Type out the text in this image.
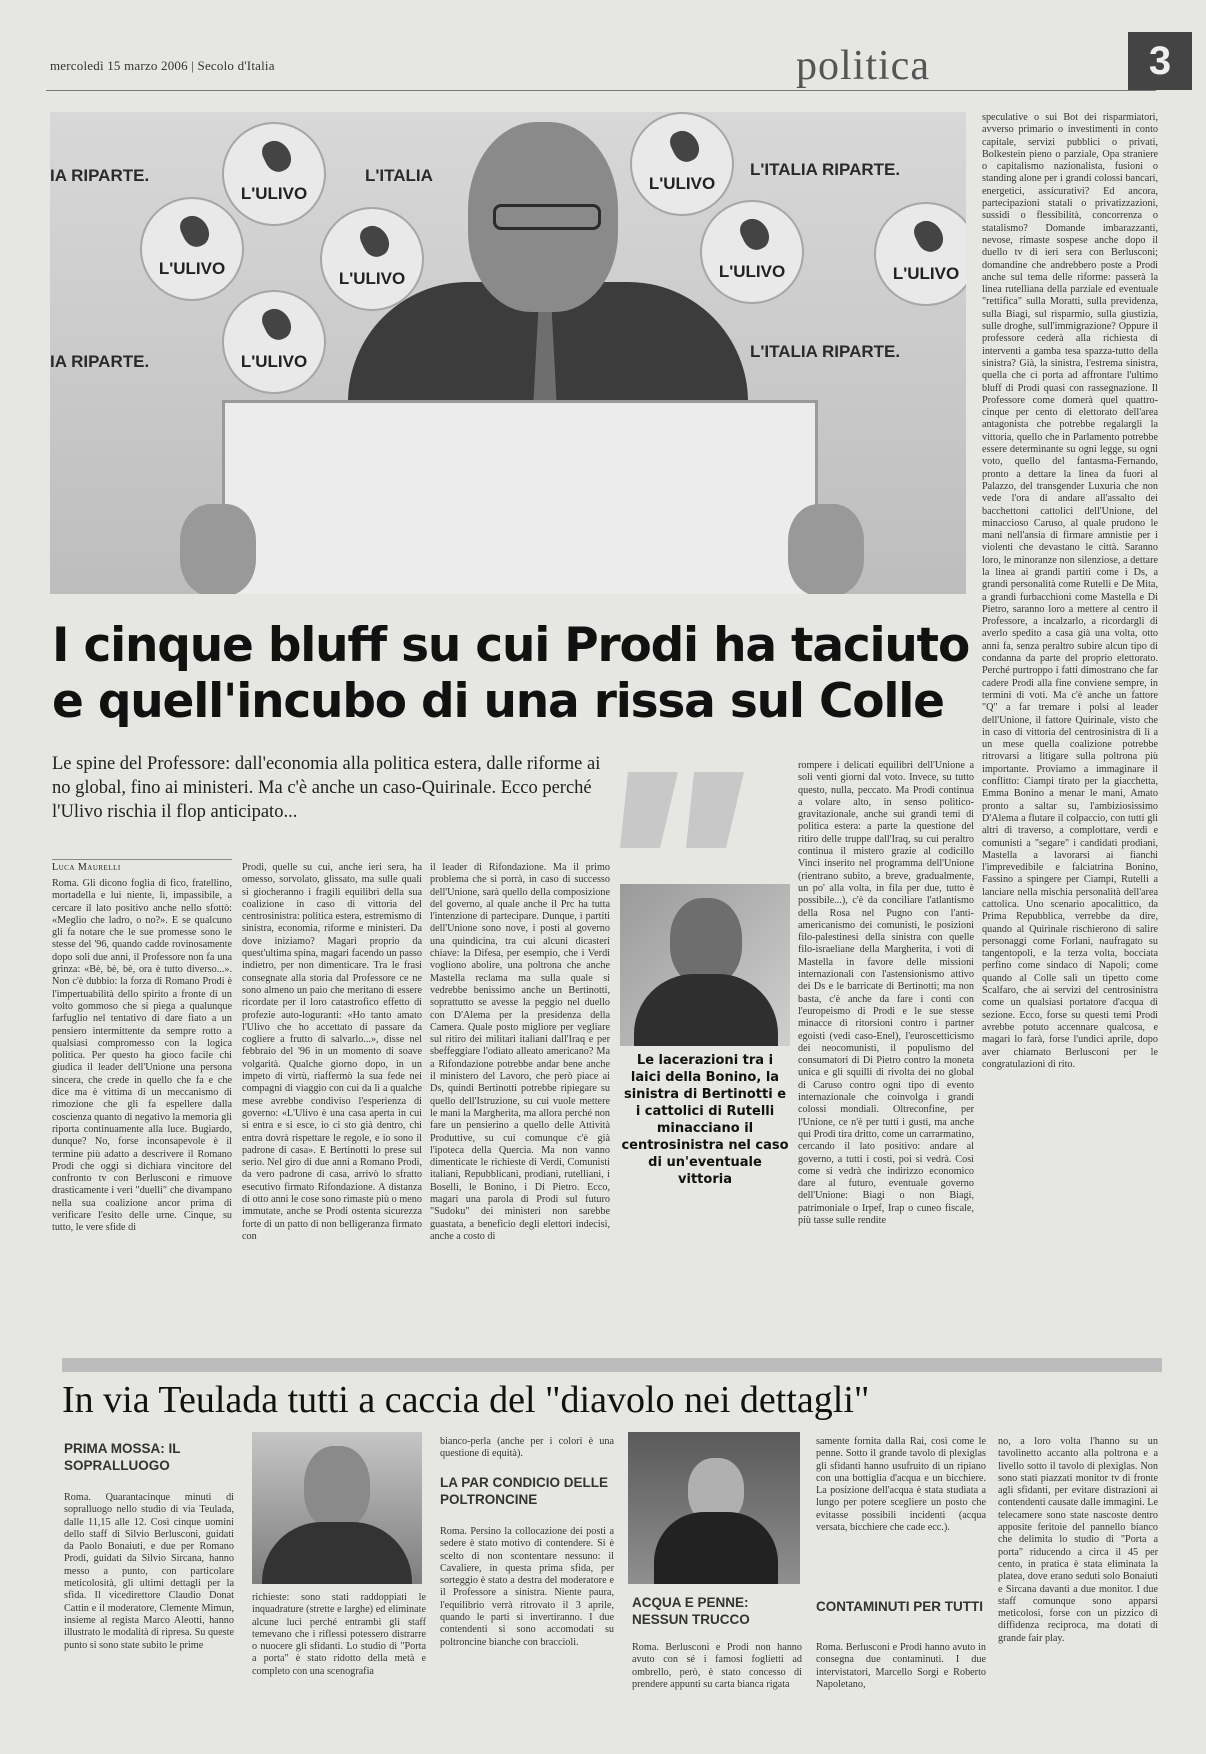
mercoledì 15 marzo 2006 | Secolo d'Italia	politica	3
IA RIPARTE.
L'ULIVO
L'ITALIA	L'ULIVO
L'ITALIA RIPARTE.
L'ULIVO
L'ULIVO	L'ULIVO	L'ULIVO
IA RIPARTE.	L'ULIVO
L'ITALIA RIPARTE.
speculative o sui Bot dei risparmiatori, avverso primario o investimenti in conto capitale, servizi pubblici o privati, Bolkestein pieno o parziale, Opa straniere o capitalismo nazionalista, fusioni o standing alone per i grandi colossi bancari, energetici, assicurativi? Ed ancora, partecipazioni statali o privatizzazioni, sussidi o flessibilità, concorrenza o statalismo? Domande imbarazzanti, nevose, rimaste sospese anche dopo il duello tv di ieri sera con Berlusconi; domandine che andrebbero poste a Prodi anche sul tema delle riforme: passerà la linea rutelliana della parziale ed eventuale "rettifica" sulla Moratti, sulla previdenza, sulla Biagi, sul risparmio, sulla giustizia, sulle droghe, sull'immigrazione? Oppure il professore cederà alla richiesta di interventi a gamba tesa spazza-tutto della sinistra? Già, la sinistra, l'estrema sinistra, quella che ci porta ad affrontare l'ultimo bluff di Prodi quasi con rassegnazione. Il Professore come domerà quel quattro-cinque per cento di elettorato dell'area antagonista che potrebbe regalargli la vittoria, quello che in Parlamento potrebbe essere determinante su ogni legge, su ogni voto, quello del fantasma-Fernando, pronto a dettare la linea da fuori al Palazzo, del transgender Luxuria che non vede l'ora di andare all'assalto dei bacchettoni cattolici dell'Unione, del minaccioso Caruso, al quale prudono le mani nell'ansia di firmare amnistie per i violenti che devastano le città. Saranno loro, le minoranze non silenziose, a dettare la linea ai grandi partiti come i Ds, a grandi personalità come Rutelli e De Mita, a grandi furbacchioni come Mastella e Di Pietro, saranno loro a mettere al centro il Professore, a incalzarlo, a ricordargli di averlo spedito a casa già una volta, otto anni fa, senza peraltro subire alcun tipo di condanna da parte del proprio elettorato. Perché purtroppo i fatti dimostrano che far cadere Prodi alla fine conviene sempre, in termini di voti. Ma c'è anche un fattore "Q" a far tremare i polsi al leader dell'Unione, il fattore Quirinale, visto che in caso di vittoria del centrosinistra di lì a un mese quella coalizione potrebbe ritrovarsi a litigare sulla poltrona più importante. Proviamo a immaginare il conflitto: Ciampi tirato per la giacchetta, Emma Bonino a menar le mani, Amato pronto a saltar su, l'ambiziosissimo D'Alema a flutare il colpaccio, con tutti gli altri di traverso, a complottare, verdi e comunisti a "segare" i candidati prodiani, Mastella a lavorarsi ai fianchi l'imprevedibile e falciatrina Bonino, Fassino a spingere per Ciampi, Rutelli a lanciare nella mischia personalità dell'area cattolica. Uno scenario apocalittico, da Prima Repubblica, verrebbe da dire, quando al Quirinale rischierono di salire personaggi come Forlani, naufragato su tangentopoli, e la terza volta, bocciata perfino come sindaco di Napoli; come quando al Colle salì un tipetto come Scalfaro, che ai servizi del centrosinistra come un qualsiasi portatore d'acqua di sezione. Ecco, forse su questi temi Prodi avrebbe potuto accennare qualcosa, e magari lo farà, forse l'undici aprile, dopo aver chiamato Berlusconi per le congratulazioni di rito.
I cinque bluff su cui Prodi ha taciuto
e quell'incubo di una rissa sul Colle
Le spine del Professore: dall'economia alla politica estera, dalle riforme ai no global, fino ai ministeri. Ma c'è anche un caso-Quirinale. Ecco perché l'Ulivo rischia il flop anticipato...
Luca Maurelli
Roma. Gli dicono foglia di fico, fratellino, mortadella e lui niente, lì, impassibile, a cercare il lato positivo anche nello sfottò: «Meglio che ladro, o no?». E se qualcuno gli fa notare che le sue promesse sono le stesse del '96, quando cadde rovinosamente dopo soli due anni, il Professore non fa una grinza: «Bè, bè, bè, ora è tutto diverso...». Non c'è dubbio: la forza di Romano Prodi è l'impertuabilità dello spirito a fronte di un volto gommoso che si piega a qualunque farfuglio nel tentativo di dare fiato a un pensiero intermittente da sempre rotto a qualsiasi compromesso con la logica politica. Per questo ha gioco facile chi giudica il leader dell'Unione una persona sincera, che crede in quello che fa e che dice ma è vittima di un meccanismo di rimozione che gli fa espellere dalla coscienza quanto di negativo la memoria gli riporta continuamente alla luce. Bugiardo, dunque? No, forse inconsapevole è il termine più adatto a descrivere il Romano Prodi che oggi si dichiara vincitore del confronto tv con Berlusconi e rimuove drasticamente i veri "duelli" che divampano nella sua coalizione ancor prima di verificare l'esito delle urne. Cinque, su tutto, le vere sfide di
Prodi, quelle su cui, anche ieri sera, ha omesso, sorvolato, glissato, ma sulle quali si giocheranno i fragili equilibri della sua coalizione in caso di vittoria del centrosinistra: politica estera, estremismo di sinistra, economia, riforme e ministeri. Da dove iniziamo? Magari proprio da quest'ultima spina, magari facendo un passo indietro, per non dimenticare. Tra le frasi consegnate alla storia dal Professore ce ne sono almeno un paio che meritano di essere ricordate per il loro catastrofico effetto di profezie auto-loguranti: «Ho tanto amato l'Ulivo che ho accettato di passare da cogliere a frutto di salvarlo...», disse nel febbraio del '96 in un momento di soave volgarità. Qualche giorno dopo, in un impeto di virtù, riaffermò la sua fede nei compagni di viaggio con cui da lì a qualche mese avrebbe condiviso l'esperienza di governo: «L'Ulivo è una casa aperta in cui si entra e si esce, io ci sto già dentro, chi entra dovrà rispettare le regole, e io sono il padrone di casa». E Bertinotti lo prese sul serio. Nel giro di due anni a Romano Prodi, da vero padrone di casa, arrivò lo sfratto esecutivo firmato Rifondazione. A distanza di otto anni le cose sono rimaste più o meno immutate, anche se Prodi ostenta sicurezza forte di un patto di non belligeranza firmato con
il leader di Rifondazione. Ma il primo problema che si porrà, in caso di successo dell'Unione, sarà quello della composizione del governo, al quale anche il Prc ha tutta l'intenzione di partecipare. Dunque, i partiti dell'Unione sono nove, i posti al governo una quindicina, tra cui alcuni dicasteri chiave: la Difesa, per esempio, che i Verdi vogliono abolire, una poltrona che anche Mastella reclama ma sulla quale si vedrebbe benissimo anche un Bertinotti, soprattutto se avesse la peggio nel duello con D'Alema per la presidenza della Camera. Quale posto migliore per vegliare sul ritiro dei militari italiani dall'Iraq e per sbeffeggiare l'odiato alleato americano? Ma a Rifondazione potrebbe andar bene anche il ministero del Lavoro, che però piace ai Ds, quindi Bertinotti potrebbe ripiegare su quello dell'Istruzione, su cui vuole mettere le mani la Margherita, ma allora perché non fare un pensierino a quello delle Attività Produttive, su cui comunque c'è già l'ipoteca della Quercia. Ma non vanno dimenticate le richieste di Verdi, Comunisti italiani, Repubblicani, prodiani, rutelliani, i Boselli, le Bonino, i Di Pietro. Ecco, magari una parola di Prodi sul futuro "Sudoku" dei ministeri non sarebbe guastata, a beneficio degli elettori indecisi, anche a costo di
rompere i delicati equilibri dell'Unione a soli venti giorni dal voto. Invece, su tutto questo, nulla, peccato. Ma Prodi continua a volare alto, in senso politico-gravitazionale, anche sui grandi temi di politica estera: a parte la questione del ritiro delle truppe dall'Iraq, su cui peraltro continua il mistero grazie al codicillo Vinci inserito nel programma dell'Unione (rientrano subito, a breve, gradualmente, un po' alla volta, in fila per due, tutto è possibile...), c'è da conciliare l'atlantismo della Rosa nel Pugno con l'anti-americanismo dei comunisti, le posizioni filo-palestinesi della sinistra con quelle filo-israeliane della Margherita, i voti di Mastella in favore delle missioni internazionali con l'astensionismo attivo dei Ds e le barricate di Bertinotti; ma non basta, c'è anche da fare i conti con l'europeismo di Prodi e le sue stesse minacce di ritorsioni contro i partner egoisti (vedi caso-Enel), l'euroscetticismo dei neocomunisti, il populismo del consumatori di Di Pietro contro la moneta unica e gli squilli di rivolta dei no global di Caruso contro ogni tipo di evento internazionale che coinvolga i grandi colossi mondiali. Oltreconfine, per l'Unione, ce n'è per tutti i gusti, ma anche qui Prodi tira dritto, come un carrarmatino, cercando il lato positivo: andare al governo, a tutti i costi, poi si vedrà. Così come si vedrà che indirizzo economico dare al futuro, eventuale governo dell'Unione: Biagi o non Biagi, patrimoniale o Irpef, Irap o cuneo fiscale, più tasse sulle rendite
Le lacerazioni tra i laici della Bonino, la sinistra di Bertinotti e i cattolici di Rutelli minacciano il centrosinistra nel caso di un'eventuale vittoria
In via Teulada tutti a caccia del "diavolo nei dettagli"
PRIMA MOSSA: IL SOPRALLUOGO
Roma. Quarantacinque minuti di sopralluogo nello studio di via Teulada, dalle 11,15 alle 12. Così cinque uomini dello staff di Silvio Berlusconi, guidati da Paolo Bonaiuti, e due per Romano Prodi, guidati da Silvio Sircana, hanno messo a punto, con particolare meticolosità, gli ultimi dettagli per la sfida. Il vicedirettore Claudio Donat Cattin e il moderatore, Clemente Mimun, insieme al regista Marco Aleotti, hanno illustrato le modalità di ripresa. Su queste punto si sono state subito le prime
richieste: sono stati raddoppiati le inquadrature (strette e larghe) ed eliminate alcune luci perché entrambi gli staff temevano che i riflessi potessero distrarre o nuocere gli sfidanti. Lo studio di "Porta a porta" è stato ridotto della metà e completo con una scenografia
bianco-perla (anche per i colori è una questione di equità).
LA PAR CONDICIO DELLE POLTRONCINE
Roma. Persino la collocazione dei posti a sedere è stato motivo di contendere. Si è scelto di non scontentare nessuno: il Cavaliere, in questa prima sfida, per sorteggio è stato a destra del moderatore e il Professore a sinistra. Niente paura, l'equilibrio verrà ritrovato il 3 aprile, quando le parti si invertiranno. I due contendenti si sono accomodati su poltroncine bianche con braccioli.
ACQUA E PENNE: NESSUN TRUCCO
Roma. Berlusconi e Prodi non hanno avuto con sé i famosi foglietti ad ombrello, però, è stato concesso di prendere appunti su carta bianca rigata
samente fornita dalla Rai, così come le penne. Sotto il grande tavolo di plexiglas gli sfidanti hanno usufruito di un ripiano con una bottiglia d'acqua e un bicchiere. La posizione dell'acqua è stata studiata a lungo per potere scegliere un posto che evitasse possibili incidenti (acqua versata, bicchiere che cade ecc.).
CONTAMINUTI PER TUTTI
Roma. Berlusconi e Prodi hanno avuto in consegna due contaminuti. I due intervistatori, Marcello Sorgi e Roberto Napoletano,
no, a loro volta l'hanno su un tavolinetto accanto alla poltrona e a livello sotto il tavolo di plexiglas. Non sono stati piazzati monitor tv di fronte agli sfidanti, per evitare distrazioni ai contendenti causate dalle immagini. Le telecamere sono state nascoste dentro apposite feritoie del pannello bianco che delimita lo studio di "Porta a porta" riducendo a circa il 45 per cento, in pratica è stata eliminata la platea, dove erano seduti solo Bonaiuti e Sircana davanti a due monitor. I due staff comunque sono apparsi meticolosi, forse con un pizzico di diffidenza reciproca, ma dotati di grande fair play.
